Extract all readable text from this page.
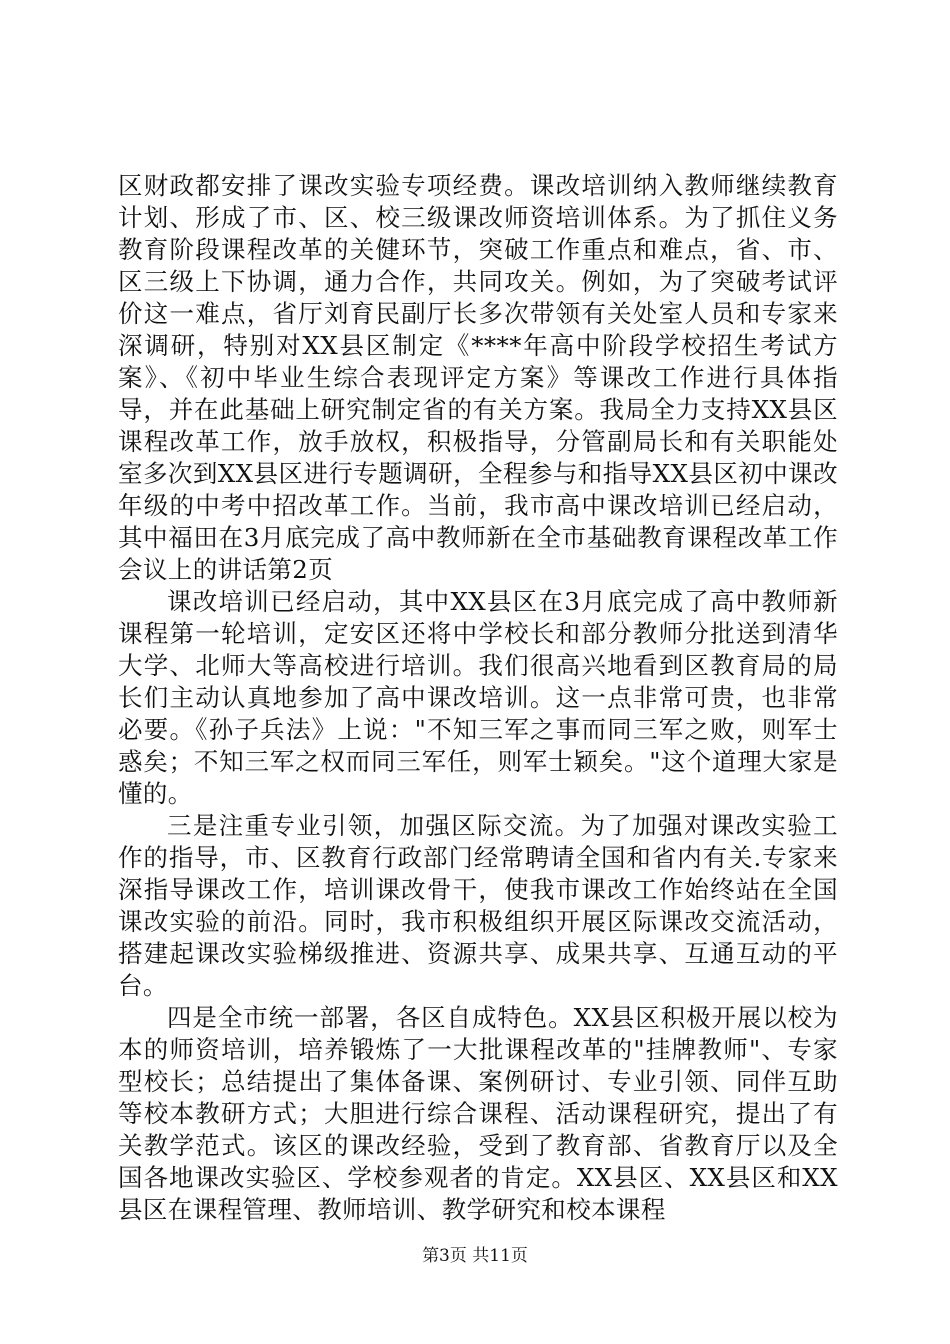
区财政都安排了课改实验专项经费。课改培训纳入教师继续教育计划、形成了市、区、校三级课改师资培训体系。为了抓住义务教育阶段课程改革的关健环节，突破工作重点和难点，省、市、区三级上下协调，通力合作，共同攻关。例如，为了突破考试评价这一难点，省厅刘育民副厅长多次带领有关处室人员和专家来深调研，特别对XX县区制定《****年高中阶段学校招生考试方案》、《初中毕业生综合表现评定方案》等课改工作进行具体指导，并在此基础上研究制定省的有关方案。我局全力支持XX县区课程改革工作，放手放权，积极指导，分管副局长和有关职能处室多次到XX县区进行专题调研，全程参与和指导XX县区初中课改年级的中考中招改革工作。当前，我市高中课改培训已经启动，其中福田在3月底完成了高中教师新在全市基础教育课程改革工作会议上的讲话第2页

课改培训已经启动，其中XX县区在3月底完成了高中教师新课程第一轮培训，定安区还将中学校长和部分教师分批送到清华大学、北师大等高校进行培训。我们很高兴地看到区教育局的局长们主动认真地参加了高中课改培训。这一点非常可贵，也非常必要。《孙子兵法》上说："不知三军之事而同三军之败，则军士惑矣；不知三军之权而同三军任，则军士颖矣。"这个道理大家是懂的。

三是注重专业引领，加强区际交流。为了加强对课改实验工作的指导，市、区教育行政部门经常聘请全国和省内有关.专家来深指导课改工作，培训课改骨干，使我市课改工作始终站在全国课改实验的前沿。同时，我市积极组织开展区际课改交流活动，搭建起课改实验梯级推进、资源共享、成果共享、互通互动的平台。

四是全市统一部署，各区自成特色。XX县区积极开展以校为本的师资培训，培养锻炼了一大批课程改革的"挂牌教师"、专家型校长；总结提出了集体备课、案例研讨、专业引领、同伴互助等校本教研方式；大胆进行综合课程、活动课程研究，提出了有关教学范式。该区的课改经验，受到了教育部、省教育厅以及全国各地课改实验区、学校参观者的肯定。XX县区、XX县区和XX县区在课程管理、教师培训、教学研究和校本课程

第3页 共11页
